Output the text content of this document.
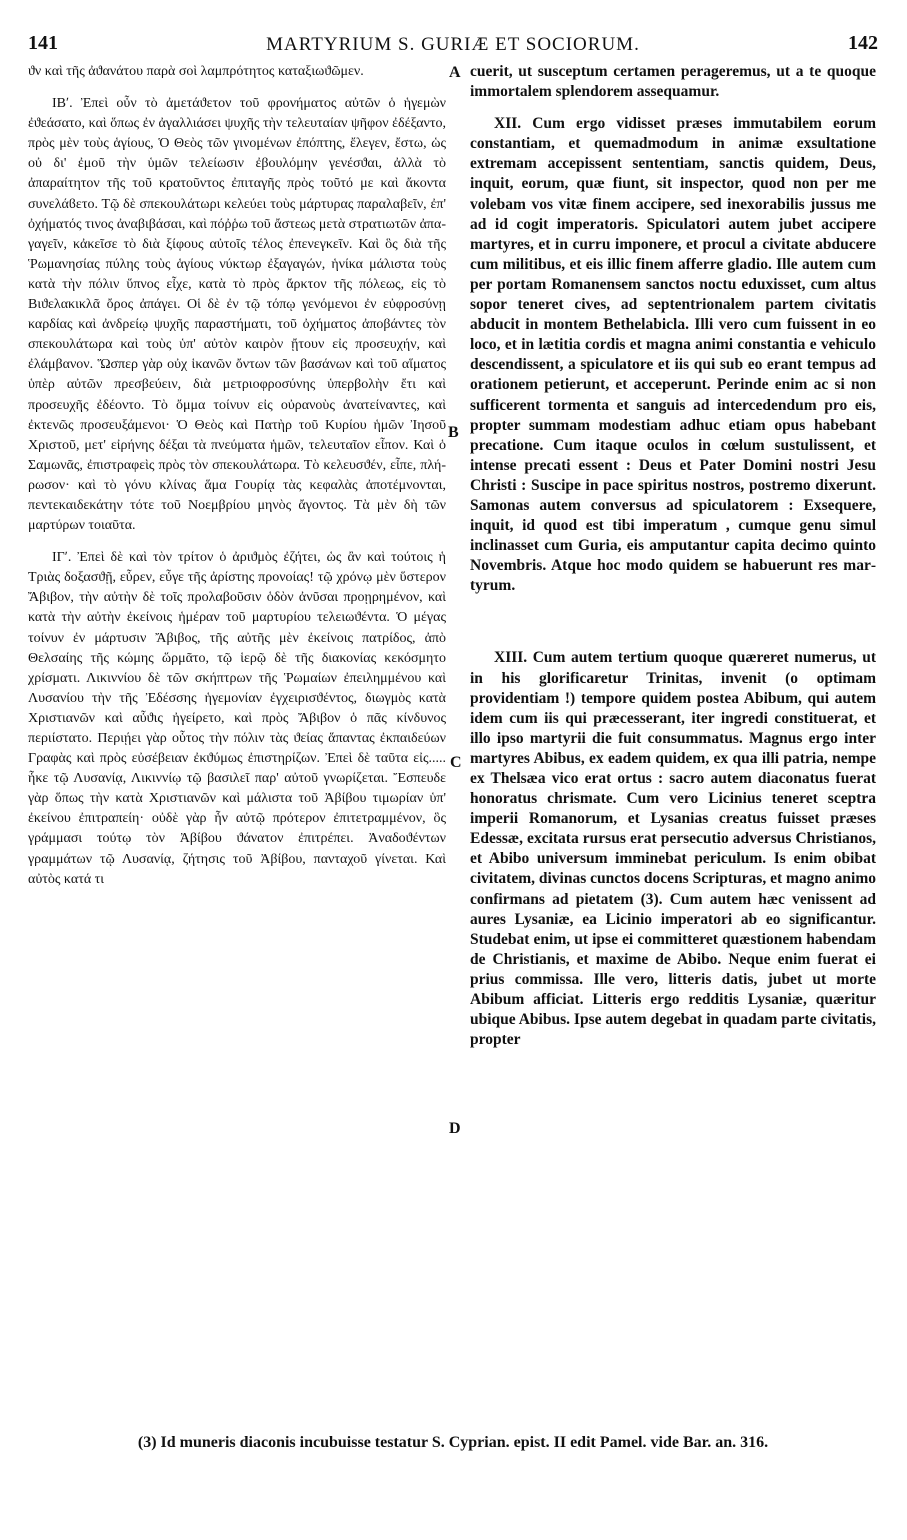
141	MARTYRIUM S. GURIÆ ET SOCIORUM.	142

ϑν καὶ τῆς ἀϑανάτου παρὰ σοὶ λαμπρότητος καταξιωϑῶμεν.

ΙΒʹ. Ἐπεὶ οὖν τὸ ἀμετάϑετον τοῦ φρονήματος αὐτῶν ὁ ἡγεμὼν ἐϑεάσατο, καὶ ὅπως ἐν ἀγαλλιάσει ψυχῆς τὴν τελευταίαν ψῆφον ἐδέξαντο, πρὸς μὲν τοὺς ἁγίους, Ὁ Θεὸς τῶν γινομένων ἐπόπτης, ἔλεγεν, ἔστω, ὡς οὐ δι' ἐμοῦ τὴν ὑμῶν τελείωσιν ἐβουλόμην γενέσϑαι, ἀλλὰ τὸ ἀπαραίτητον τῆς τοῦ κρατοῦντος ἐπιταγῆς πρὸς τοῦτό με καὶ ἄκοντα συνελάϐετο. Τῷ δὲ σπεκουλάτωρι κελεύει τοὺς μάρτυρας παραλαβεῖν, ἐπ' ὀχήματός τινος ἀναβιβάσαι, καὶ πόῤῥω τοῦ ἄστεως μετὰ στρατιωτῶν ἀπαγαγεῖν, κἀκεῖσε τὸ διὰ ξίφους αὐτοῖς τέλος ἐπενεγκεῖν. Καὶ ὃς διὰ τῆς Ῥωμανησίας πύλης τοὺς ἁγίους νύκτωρ ἐξαγαγών, ἡνίκα μάλιστα τοὺς κατὰ τὴν πόλιν ὕπνος εἶχε, κατὰ τὸ πρὸς ἄρκτον τῆς πόλεως, εἰς τὸ Βιϑελακικλᾶ ὄρος ἀπάγει. Οἱ δὲ ἐν τῷ τόπῳ γενόμενοι ἐν εὐφροσύνῃ καρδίας καὶ ἀνδρείῳ ψυχῆς παραστήματι, τοῦ ὀχήματος ἀποβάντες τὸν σπεκουλάτωρα καὶ τοὺς ὑπ' αὐτὸν καιρὸν ᾔτουν εἰς προσευχήν, καὶ ἐλάμβανον. Ὥσπερ γὰρ οὐχ ἱκανῶν ὄντων τῶν βασάνων καὶ τοῦ αἵματος ὑπὲρ αὐτῶν πρεσβεύειν, διὰ μετριοφροσύνης ὑπερβολὴν ἔτι καὶ προσευχῆς ἐδέοντο. Τὸ ὄμμα τοίνυν εἰς οὐρανοὺς ἀνατείναντες, καὶ ἐκτενῶς προσευξάμενοι· Ὁ Θεὸς καὶ Πατὴρ τοῦ Κυρίου ἡμῶν Ἰησοῦ Χριστοῦ, μετ' εἰρήνης δέξαι τὰ πνεύματα ἡμῶν, τελευταῖον εἶπον. Καὶ ὁ Σαμωνᾶς, ἐπιστραφεὶς πρὸς τὸν σπεκουλάτωρα. Τὸ κελευσϑέν, εἶπε, πλήρωσον· καὶ τὸ γόνυ κλίνας ἅμα Γουρίᾳ τὰς κεφαλὰς ἀποτέμνονται, πεντεκαιδεκάτην τότε τοῦ Νοεμβρίου μηνὸς ἄγοντος. Τὰ μὲν δὴ τῶν μαρτύρων τοιαῦτα.

ΙΓʹ. Ἐπεὶ δὲ καὶ τὸν τρίτον ὁ ἀριϑμὸς ἐζήτει, ὡς ἂν καὶ τούτοις ἡ Τριὰς δοξασϑῇ, εὗρεν, εὖγε τῆς ἀρίστης προνοίας! τῷ χρόνῳ μὲν ὕστερον Ἄβιβον, τὴν αὐτὴν δὲ τοῖς προλαβοῦσιν ὁδὸν ἀνῦσαι προῃρημένον, καὶ κατὰ τὴν αὐτὴν ἐκείνοις ἡμέραν τοῦ μαρτυρίου τελειωϑέντα. Ὁ μέγας τοίνυν ἐν μάρτυσιν Ἄβιβος, τῆς αὐτῆς μὲν ἐκείνοις πατρίδος, ἀπὸ Θελσαίης τῆς κώμης ὥρμᾶτο, τῷ ἱερῷ δὲ τῆς διακονίας κεκόσμητο χρίσματι. Λικιννίου δὲ τῶν σκήπτρων τῆς Ῥωμαίων ἐπειλημμένου καὶ Λυσανίου τὴν τῆς Ἐδέσσης ἡγεμονίαν ἐγχειρισϑέντος, διωγμὸς κατὰ Χριστιανῶν καὶ αὖϑις ἠγείρετο, καὶ πρὸς Ἄβιβον ὁ πᾶς κίνδυνος περιίστατο. Περιῄει γὰρ οὗτος τὴν πόλιν τὰς ϑείας ἅπαντας ἐκπαιδεύων Γραφὰς καὶ πρὸς εὐσέβειαν ἐκϑύμως ἐπιστηρίζων. Ἐπεὶ δὲ ταῦτα εἰς..... ἧκε τῷ Λυσανίᾳ, Λικιννίῳ τῷ βασιλεῖ παρ' αὐτοῦ γνωρίζεται. Ἔσπευδε γὰρ ὅπως τὴν κατὰ Χριστιανῶν καὶ μάλιστα τοῦ Ἀβίβου τιμωρίαν ὑπ' ἐκείνου ἐπιτραπείη· οὐδὲ γὰρ ἦν αὐτῷ πρότερον ἐπιτετραμμένον, ὃς γράμμασι τούτῳ τὸν Ἀβίβου ϑάνατον ἐπιτρέπει. Ἀναδοϑέντων γραμμάτων τῷ Λυσανίᾳ, ζήτησις τοῦ Ἀβίβου, πανταχοῦ γίνεται. Καὶ αὐτὸς κατά τι

cuerit, ut susceptum certamen perageremus, ut a te quoque immortalem splendorem assequamur.

XII. Cum ergo vidisset præses immutabilem eorum constantiam, et quemadmodum in animæ exsultatione extremam accepissent sententiam, sanctis quidem, Deus, inquit, eorum, quæ fiunt, sit inspector, quod non per me volebam vos vitæ finem accipere, sed inexorabilis jussus me ad id cogit imperatoris. Spiculatori autem jubet accipere martyres, et in curru imponere, et procul a civitate abducere cum militibus, et eis illic finem afferre gladio. Ille autem cum per portam Romanensem sanctos noctu eduxisset, cum altus sopor teneret cives, ad septentrionalem partem civitatis abducit in montem Bethelabicla. Illi vero cum fuissent in eo loco, et in lætitia cordis et magna animi constantia e vehiculo descendissent, a spiculatore et iis qui sub eo erant tempus ad orationem petierunt, et acceperunt. Perinde enim ac si non sufficerent tormenta et sanguis ad intercedendum pro eis, propter summam modestiam adhuc etiam opus habebant precatione. Cum itaque oculos in cœlum sustulissent, et intense precati essent : Deus et Pater Domini nostri Jesu Christi : Suscipe in pace spiritus nostros, postremo dixerunt. Samonas autem conversus ad spiculatorem : Exsequere, inquit, id quod est tibi imperatum , cumque genu simul inclinasset cum Guria, eis amputantur capita decimo quinto Novembris. Atque hoc modo quidem se habuerunt res martyrum.

XIII. Cum autem tertium quoque quæreret numerus, ut in his glorificaretur Trinitas, invenit (o optimam providentiam !) tempore quidem postea Abibum, qui autem idem cum iis qui præcesserant, iter ingredi constituerat, et illo ipso martyrii die fuit consummatus. Magnus ergo inter martyres Abibus, ex eadem quidem, ex qua illi patria, nempe ex Thelsæa vico erat ortus : sacro autem diaconatus fuerat honoratus chrismate. Cum vero Licinius teneret sceptra imperii Romanorum, et Lysanias creatus fuisset præses Edessæ, excitata rursus erat persecutio adversus Christianos, et Abibo universum imminebat periculum. Is enim obibat civitatem, divinas cunctos docens Scripturas, et magno animo confirmans ad pietatem (3). Cum autem hæc venissent ad aures Lysaniæ, ea Licinio imperatori ab eo significantur. Studebat enim, ut ipse ei committeret quæstionem habendam de Christianis, et maxime de Abibo. Neque enim fuerat ei prius commissa. Ille vero, litteris datis, jubet ut morte Abibum afficiat. Litteris ergo redditis Lysaniæ, quæritur ubique Abibus. Ipse autem degebat in quadam parte civitatis, propter

A
B
C
D
(3) Id muneris diaconis incubuisse testatur S. Cyprian. epist. II edit Pamel. vide Bar. an. 316.
